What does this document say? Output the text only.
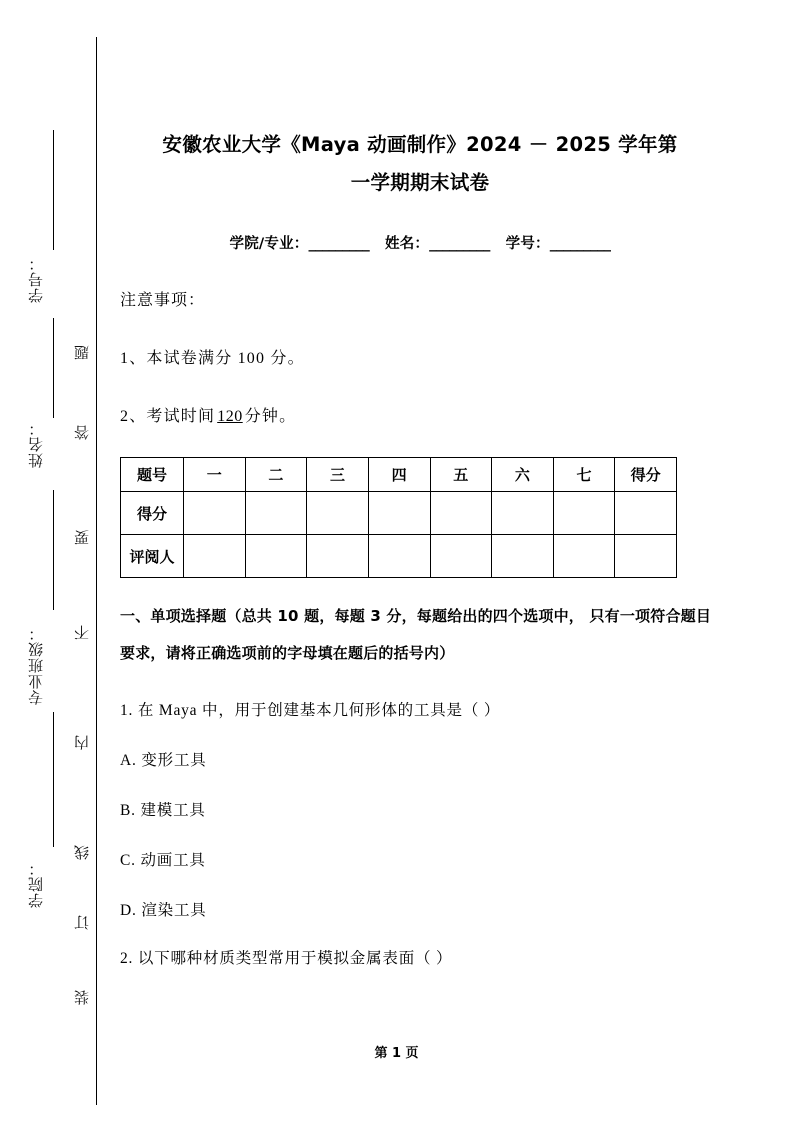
学号：
姓名：
专业班级：
学院：
题
答
要
不
内
线
订
装
安徽农业大学《Maya 动画制作》2024 － 2025 学年第
一学期期末试卷
学院/专业：_________ 姓名：_________ 学号：_________
注意事项：
1、本试卷满分 100 分。
2、考试时间 120 分钟。
题号	一	二	三	四	五	六	七	得分
得分								
评阅人								
一、单项选择题（总共 10 题，每题 3 分，每题给出的四个选项中， 只有一项符合题目要求，请将正确选项前的字母填在题后的括号内）
1. 在 Maya 中，用于创建基本几何形体的工具是（ ）
A. 变形工具
B. 建模工具
C. 动画工具
D. 渲染工具
2. 以下哪种材质类型常用于模拟金属表面（ ）
第 1 页
